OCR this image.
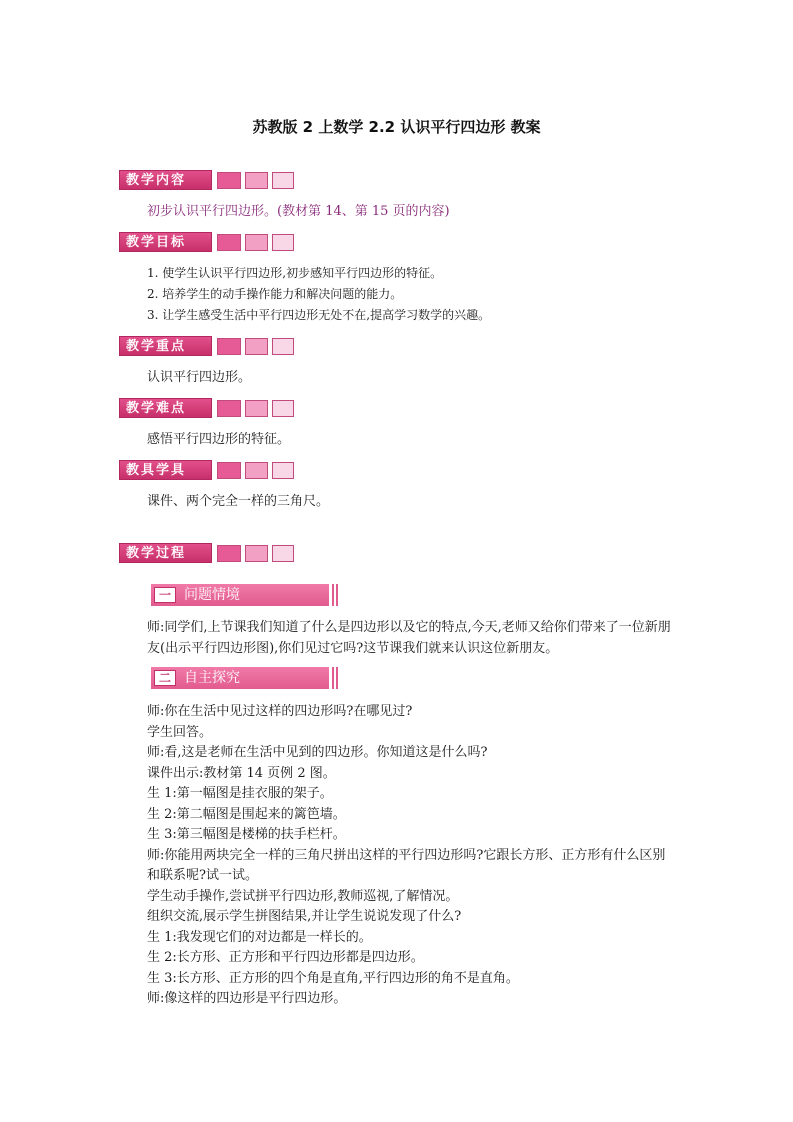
苏教版 2 上数学 2.2 认识平行四边形 教案
教学内容
初步认识平行四边形。(教材第 14、第 15 页的内容)
教学目标
1. 使学生认识平行四边形,初步感知平行四边形的特征。
2. 培养学生的动手操作能力和解决问题的能力。
3. 让学生感受生活中平行四边形无处不在,提高学习数学的兴趣。
教学重点
认识平行四边形。
教学难点
感悟平行四边形的特征。
教具学具
课件、两个完全一样的三角尺。
教学过程
一 问题情境

师:同学们,上节课我们知道了什么是四边形以及它的特点,今天,老师又给你们带来了一位新朋友(出示平行四边形图),你们见过它吗?这节课我们就来认识这位新朋友。

二 自主探究

师:你在生活中见过这样的四边形吗?在哪见过?

学生回答。

师:看,这是老师在生活中见到的四边形。你知道这是什么吗?

课件出示:教材第 14 页例 2 图。

生 1:第一幅图是挂衣服的架子。

生 2:第二幅图是围起来的篱笆墙。

生 3:第三幅图是楼梯的扶手栏杆。

师:你能用两块完全一样的三角尺拼出这样的平行四边形吗?它跟长方形、正方形有什么区别和联系呢?试一试。

学生动手操作,尝试拼平行四边形,教师巡视,了解情况。

组织交流,展示学生拼图结果,并让学生说说发现了什么?

生 1:我发现它们的对边都是一样长的。

生 2:长方形、正方形和平行四边形都是四边形。

生 3:长方形、正方形的四个角是直角,平行四边形的角不是直角。

师:像这样的四边形是平行四边形。
